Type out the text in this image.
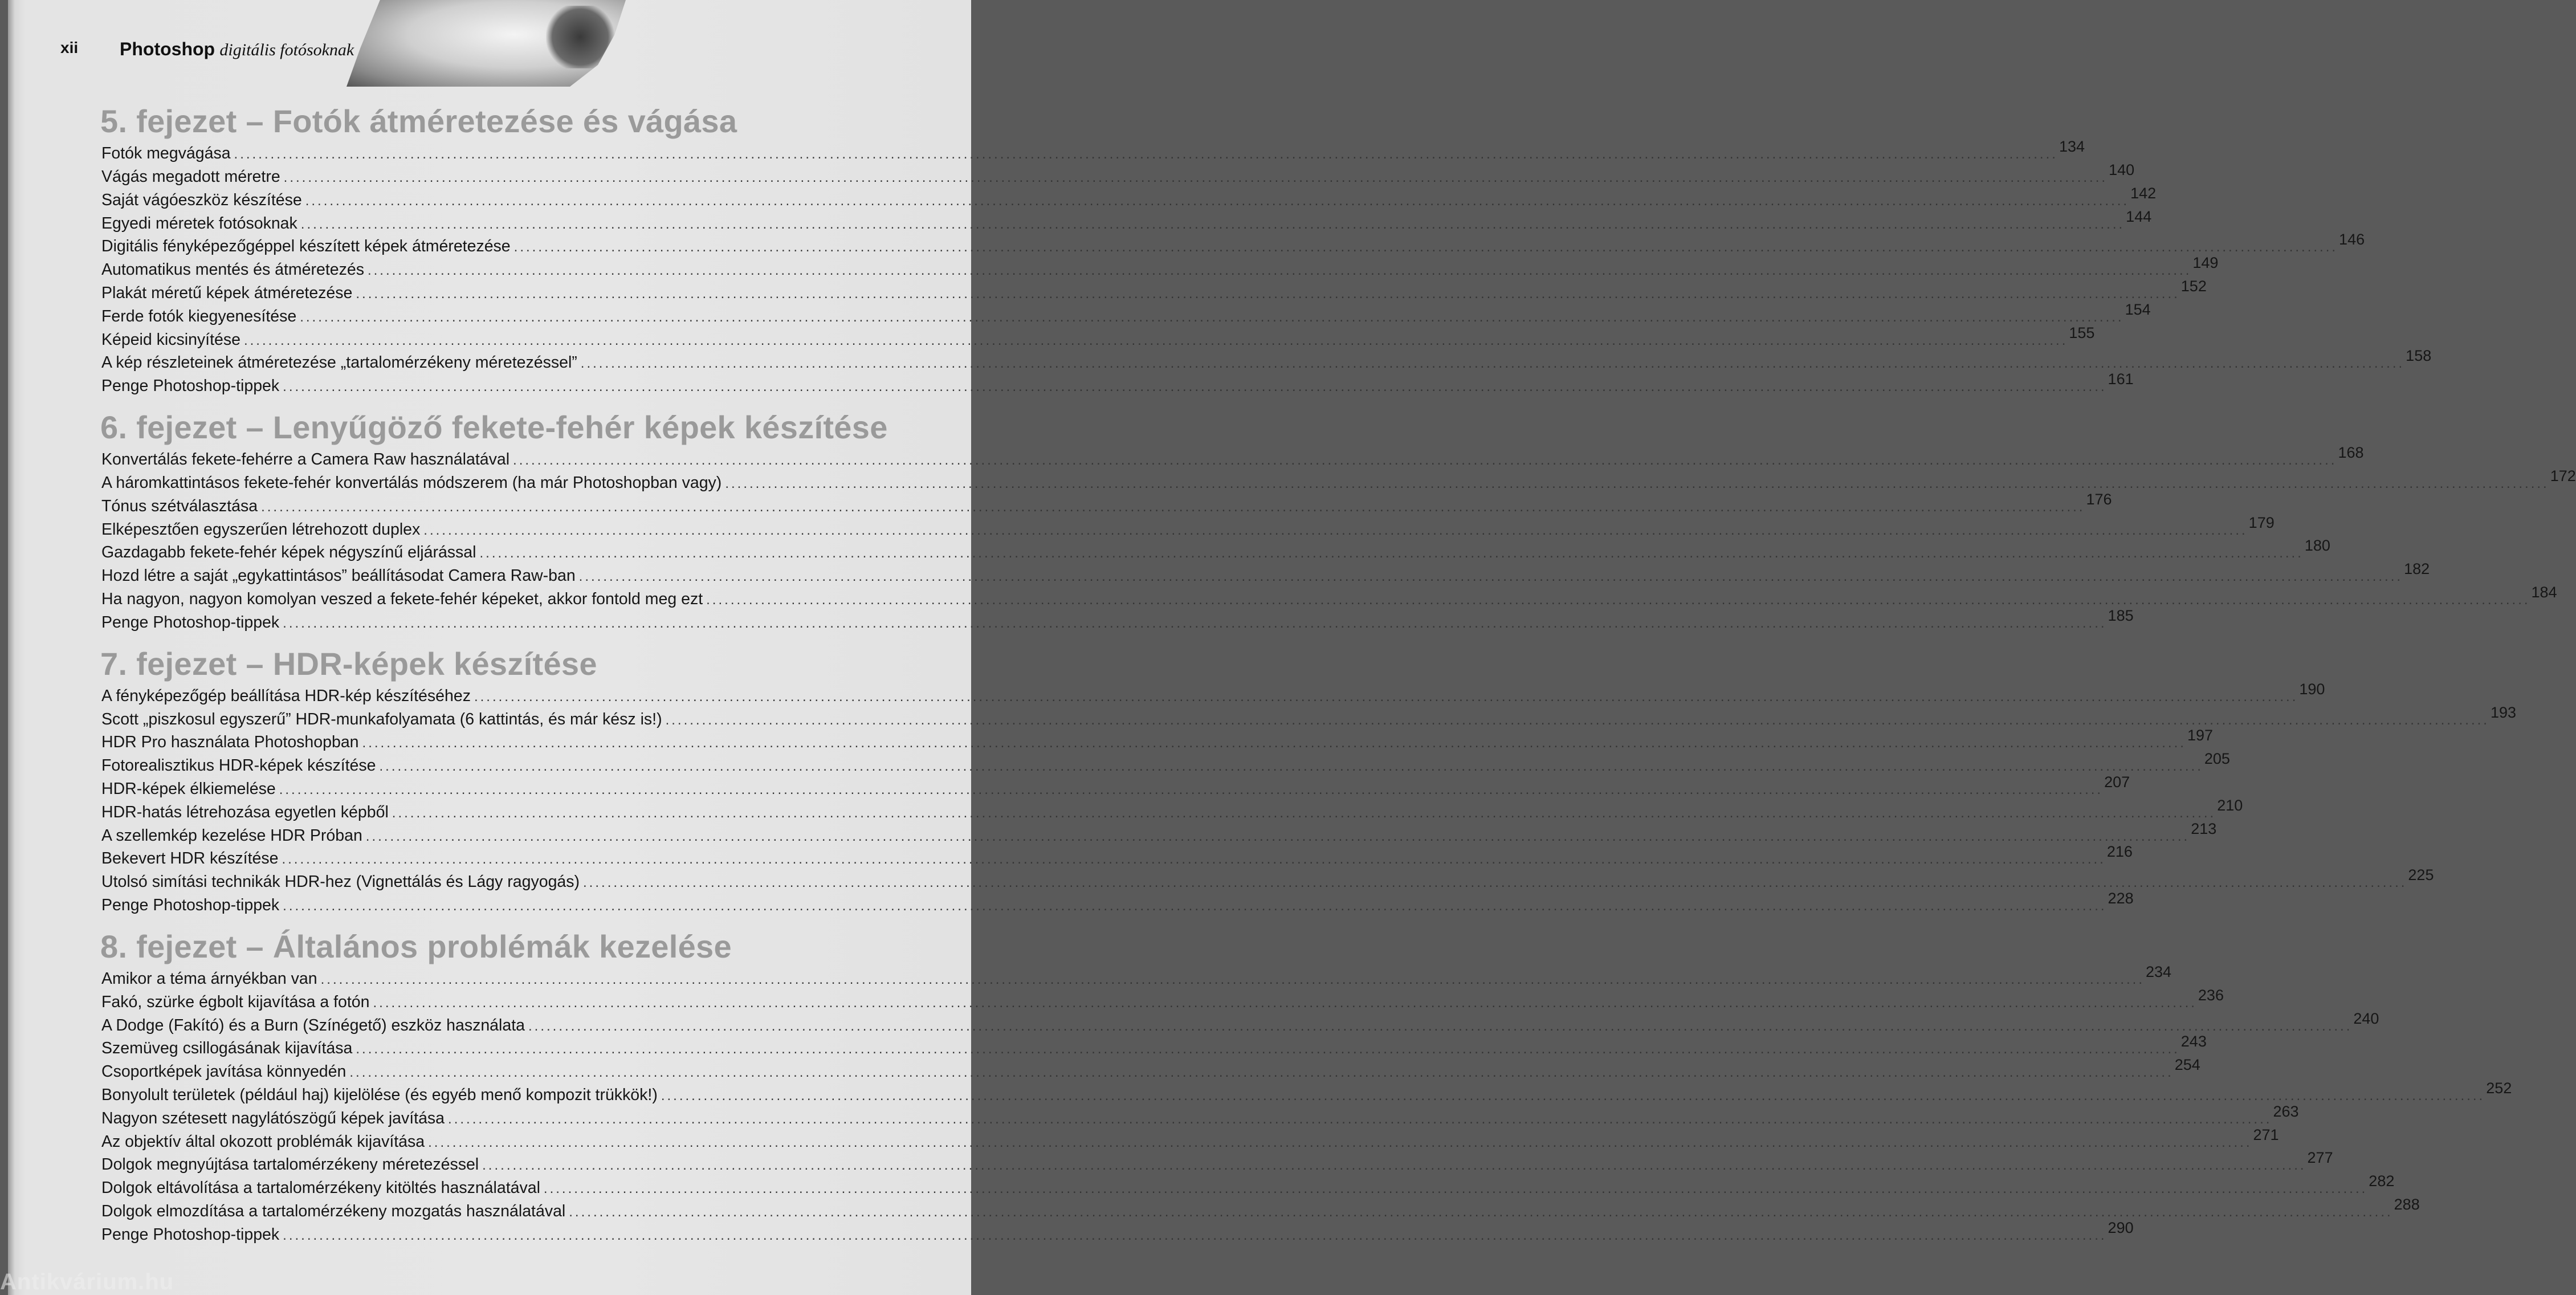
xii Photoshop digitális fotósoknak
5. fejezet – Fotók átméretezése és vágása
Fotók megvágása ............................................................................................................................................................................................................................................................................................................ 134
Vágás megadott méretre ............................................................................................................................................................................................................................................................................................................ 140
Saját vágóeszköz készítése ............................................................................................................................................................................................................................................................................................................ 142
Egyedi méretek fotósoknak ............................................................................................................................................................................................................................................................................................................ 144
Digitális fényképezőgéppel készített képek átméretezése ............................................................................................................................................................................................................................................................................................................ 146
Automatikus mentés és átméretezés ............................................................................................................................................................................................................................................................................................................ 149
Plakát méretű képek átméretezése ............................................................................................................................................................................................................................................................................................................ 152
Ferde fotók kiegyenesítése ............................................................................................................................................................................................................................................................................................................ 154
Képeid kicsinyítése ............................................................................................................................................................................................................................................................................................................ 155
A kép részleteinek átméretezése „tartalomérzékeny méretezéssel” ............................................................................................................................................................................................................................................................................................................ 158
Penge Photoshop-tippek ............................................................................................................................................................................................................................................................................................................ 161
6. fejezet – Lenyűgöző fekete-fehér képek készítése
Konvertálás fekete-fehérre a Camera Raw használatával ............................................................................................................................................................................................................................................................................................................ 168
A háromkattintásos fekete-fehér konvertálás módszerem (ha már Photoshopban vagy) ............................................................................................................................................................................................................................................................................................................ 172
Tónus szétválasztása ............................................................................................................................................................................................................................................................................................................ 176
Elképesztően egyszerűen létrehozott duplex ............................................................................................................................................................................................................................................................................................................ 179
Gazdagabb fekete-fehér képek négyszínű eljárással ............................................................................................................................................................................................................................................................................................................ 180
Hozd létre a saját „egykattintásos” beállításodat Camera Raw-ban ............................................................................................................................................................................................................................................................................................................ 182
Ha nagyon, nagyon komolyan veszed a fekete-fehér képeket, akkor fontold meg ezt ............................................................................................................................................................................................................................................................................................................ 184
Penge Photoshop-tippek ............................................................................................................................................................................................................................................................................................................ 185
7. fejezet – HDR-képek készítése
A fényképezőgép beállítása HDR-kép készítéséhez ............................................................................................................................................................................................................................................................................................................ 190
Scott „piszkosul egyszerű” HDR-munkafolyamata (6 kattintás, és már kész is!) ............................................................................................................................................................................................................................................................................................................ 193
HDR Pro használata Photoshopban ............................................................................................................................................................................................................................................................................................................ 197
Fotorealisztikus HDR-képek készítése ............................................................................................................................................................................................................................................................................................................ 205
HDR-képek élkiemelése ............................................................................................................................................................................................................................................................................................................ 207
HDR-hatás létrehozása egyetlen képből ............................................................................................................................................................................................................................................................................................................ 210
A szellemkép kezelése HDR Próban ............................................................................................................................................................................................................................................................................................................ 213
Bekevert HDR készítése ............................................................................................................................................................................................................................................................................................................ 216
Utolsó simítási technikák HDR-hez (Vignettálás és Lágy ragyogás) ............................................................................................................................................................................................................................................................................................................ 225
Penge Photoshop-tippek ............................................................................................................................................................................................................................................................................................................ 228
8. fejezet – Általános problémák kezelése
Amikor a téma árnyékban van ............................................................................................................................................................................................................................................................................................................ 234
Fakó, szürke égbolt kijavítása a fotón ............................................................................................................................................................................................................................................................................................................ 236
A Dodge (Fakító) és a Burn (Színégető) eszköz használata ............................................................................................................................................................................................................................................................................................................ 240
Szemüveg csillogásának kijavítása ............................................................................................................................................................................................................................................................................................................ 243
Csoportképek javítása könnyedén ............................................................................................................................................................................................................................................................................................................ 254
Bonyolult területek (például haj) kijelölése (és egyéb menő kompozit trükkök!) ............................................................................................................................................................................................................................................................................................................ 252
Nagyon szétesett nagylátószögű képek javítása ............................................................................................................................................................................................................................................................................................................ 263
Az objektív által okozott problémák kijavítása ............................................................................................................................................................................................................................................................................................................ 271
Dolgok megnyújtása tartalomérzékeny méretezéssel ............................................................................................................................................................................................................................................................................................................ 277
Dolgok eltávolítása a tartalomérzékeny kitöltés használatával ............................................................................................................................................................................................................................................................................................................ 282
Dolgok elmozdítása a tartalomérzékeny mozgatás használatával ............................................................................................................................................................................................................................................................................................................ 288
Penge Photoshop-tippek ............................................................................................................................................................................................................................................................................................................ 290
Antikvárium.hu
